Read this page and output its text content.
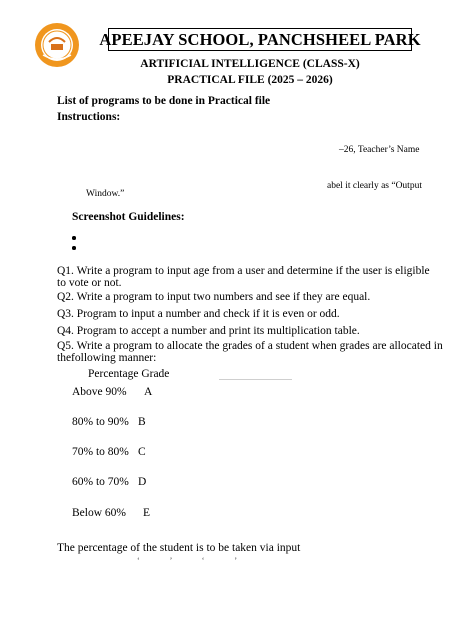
APEEJAY SCHOOL, PANCHSHEEL PARK
ARTIFICIAL INTELLIGENCE (CLASS-X)
PRACTICAL FILE (2025 – 2026)
List of programs to be done in Practical file
Instructions:
–26, Teacher’s Name
abel it clearly as “Output
Window.”
Screenshot Guidelines:
Q1. Write a program to input age from a user and determine if the user is eligible
to vote or not.
Q2. Write a program to input two numbers and see if they are equal.
Q3. Program to input a number and check if it is even or odd.
Q4. Program to accept a number and print its multiplication table.
Q5. Write a program to allocate the grades of a student when grades are allocated in
thefollowing manner:
Percentage Grade
Above 90% A
80% to 90% B
70% to 80% C
60% to 70% D
Below 60% E
The percentage of the student is to be taken via input
‘ ’ ‘ ’
